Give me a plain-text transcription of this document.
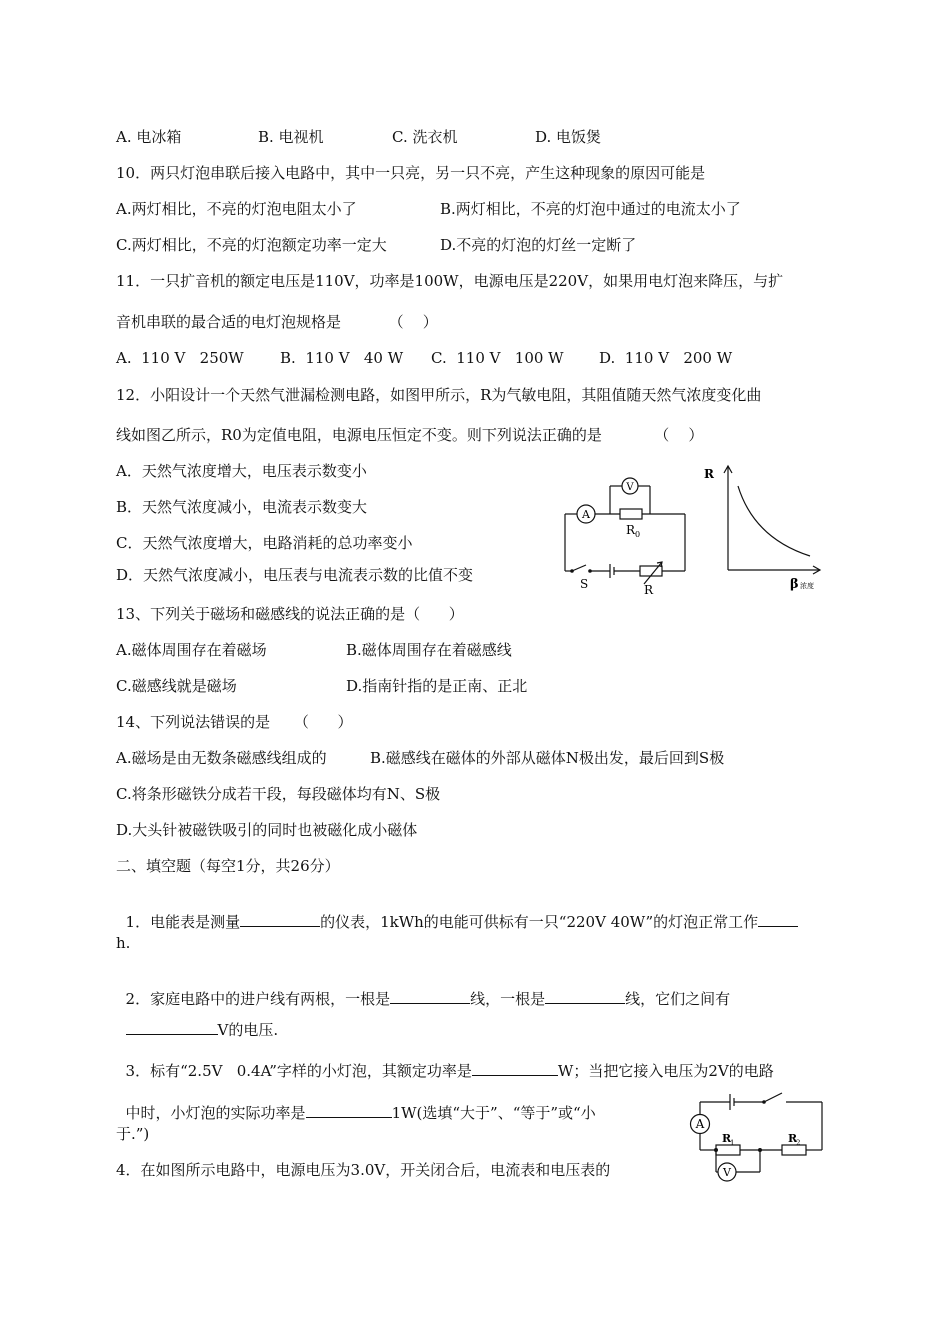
A. 电冰箱	B. 电视机	C. 洗衣机	D. 电饭煲
10．两只灯泡串联后接入电路中，其中一只亮，另一只不亮，产生这种现象的原因可能是
A.两灯相比，不亮的灯泡电阻太小了	B.两灯相比，不亮的灯泡中通过的电流太小了
C.两灯相比，不亮的灯泡额定功率一定大	D.不亮的灯泡的灯丝一定断了
11．一只扩音机的额定电压是110V，功率是100W，电源电压是220V，如果用电灯泡来降压，与扩
音机串联的最合适的电灯泡规格是          （    ）
A.  110 V   250W B.  110 V   40 W C.  110 V   100 W D.  110 V   200 W
12．小阳设计一个天然气泄漏检测电路，如图甲所示，R为气敏电阻，其阻值随天然气浓度变化曲
线如图乙所示，R0为定值电阻，电源电压恒定不变。则下列说法正确的是           （    ）
A．天然气浓度增大，电压表示数变小
B．天然气浓度减小，电流表示数变大
C．天然气浓度增大，电路消耗的总功率变小
D．天然气浓度减小，电压表与电流表示数的比值不变
A
V
R 0
S	R
R
β 浓度
13、下列关于磁场和磁感线的说法正确的是（      ）
A.磁体周围存在着磁场	B.磁体周围存在着磁感线
C.磁感线就是磁场	D.指南针指的是正南、正北
14、下列说法错误的是     （      ）
A.磁场是由无数条磁感线组成的	B.磁感线在磁体的外部从磁体N极出发，最后回到S极
C.将条形磁铁分成若干段，每段磁体均有N、S极
D.大头针被磁铁吸引的同时也被磁化成小磁体
二、填空题（每空1分，共26分）

1．电能表是测量	的仪表，1kWh的电能可供标有一只“220V 40W”的灯泡正常工作

h.

2．家庭电路中的进户线有两根，一根是	线，一根是	线，它们之间有

V的电压.

3．标有“2.5V   0.4A”字样的小灯泡，其额定功率是	W；当把它接入电压为2V的电路

中时，小灯泡的实际功率是	1W(选填“大于”、“等于”或“小

于.”)
4．在如图所示电路中，电源电压为3.0V，开关闭合后，电流表和电压表的
A
V
R
1	R
2
